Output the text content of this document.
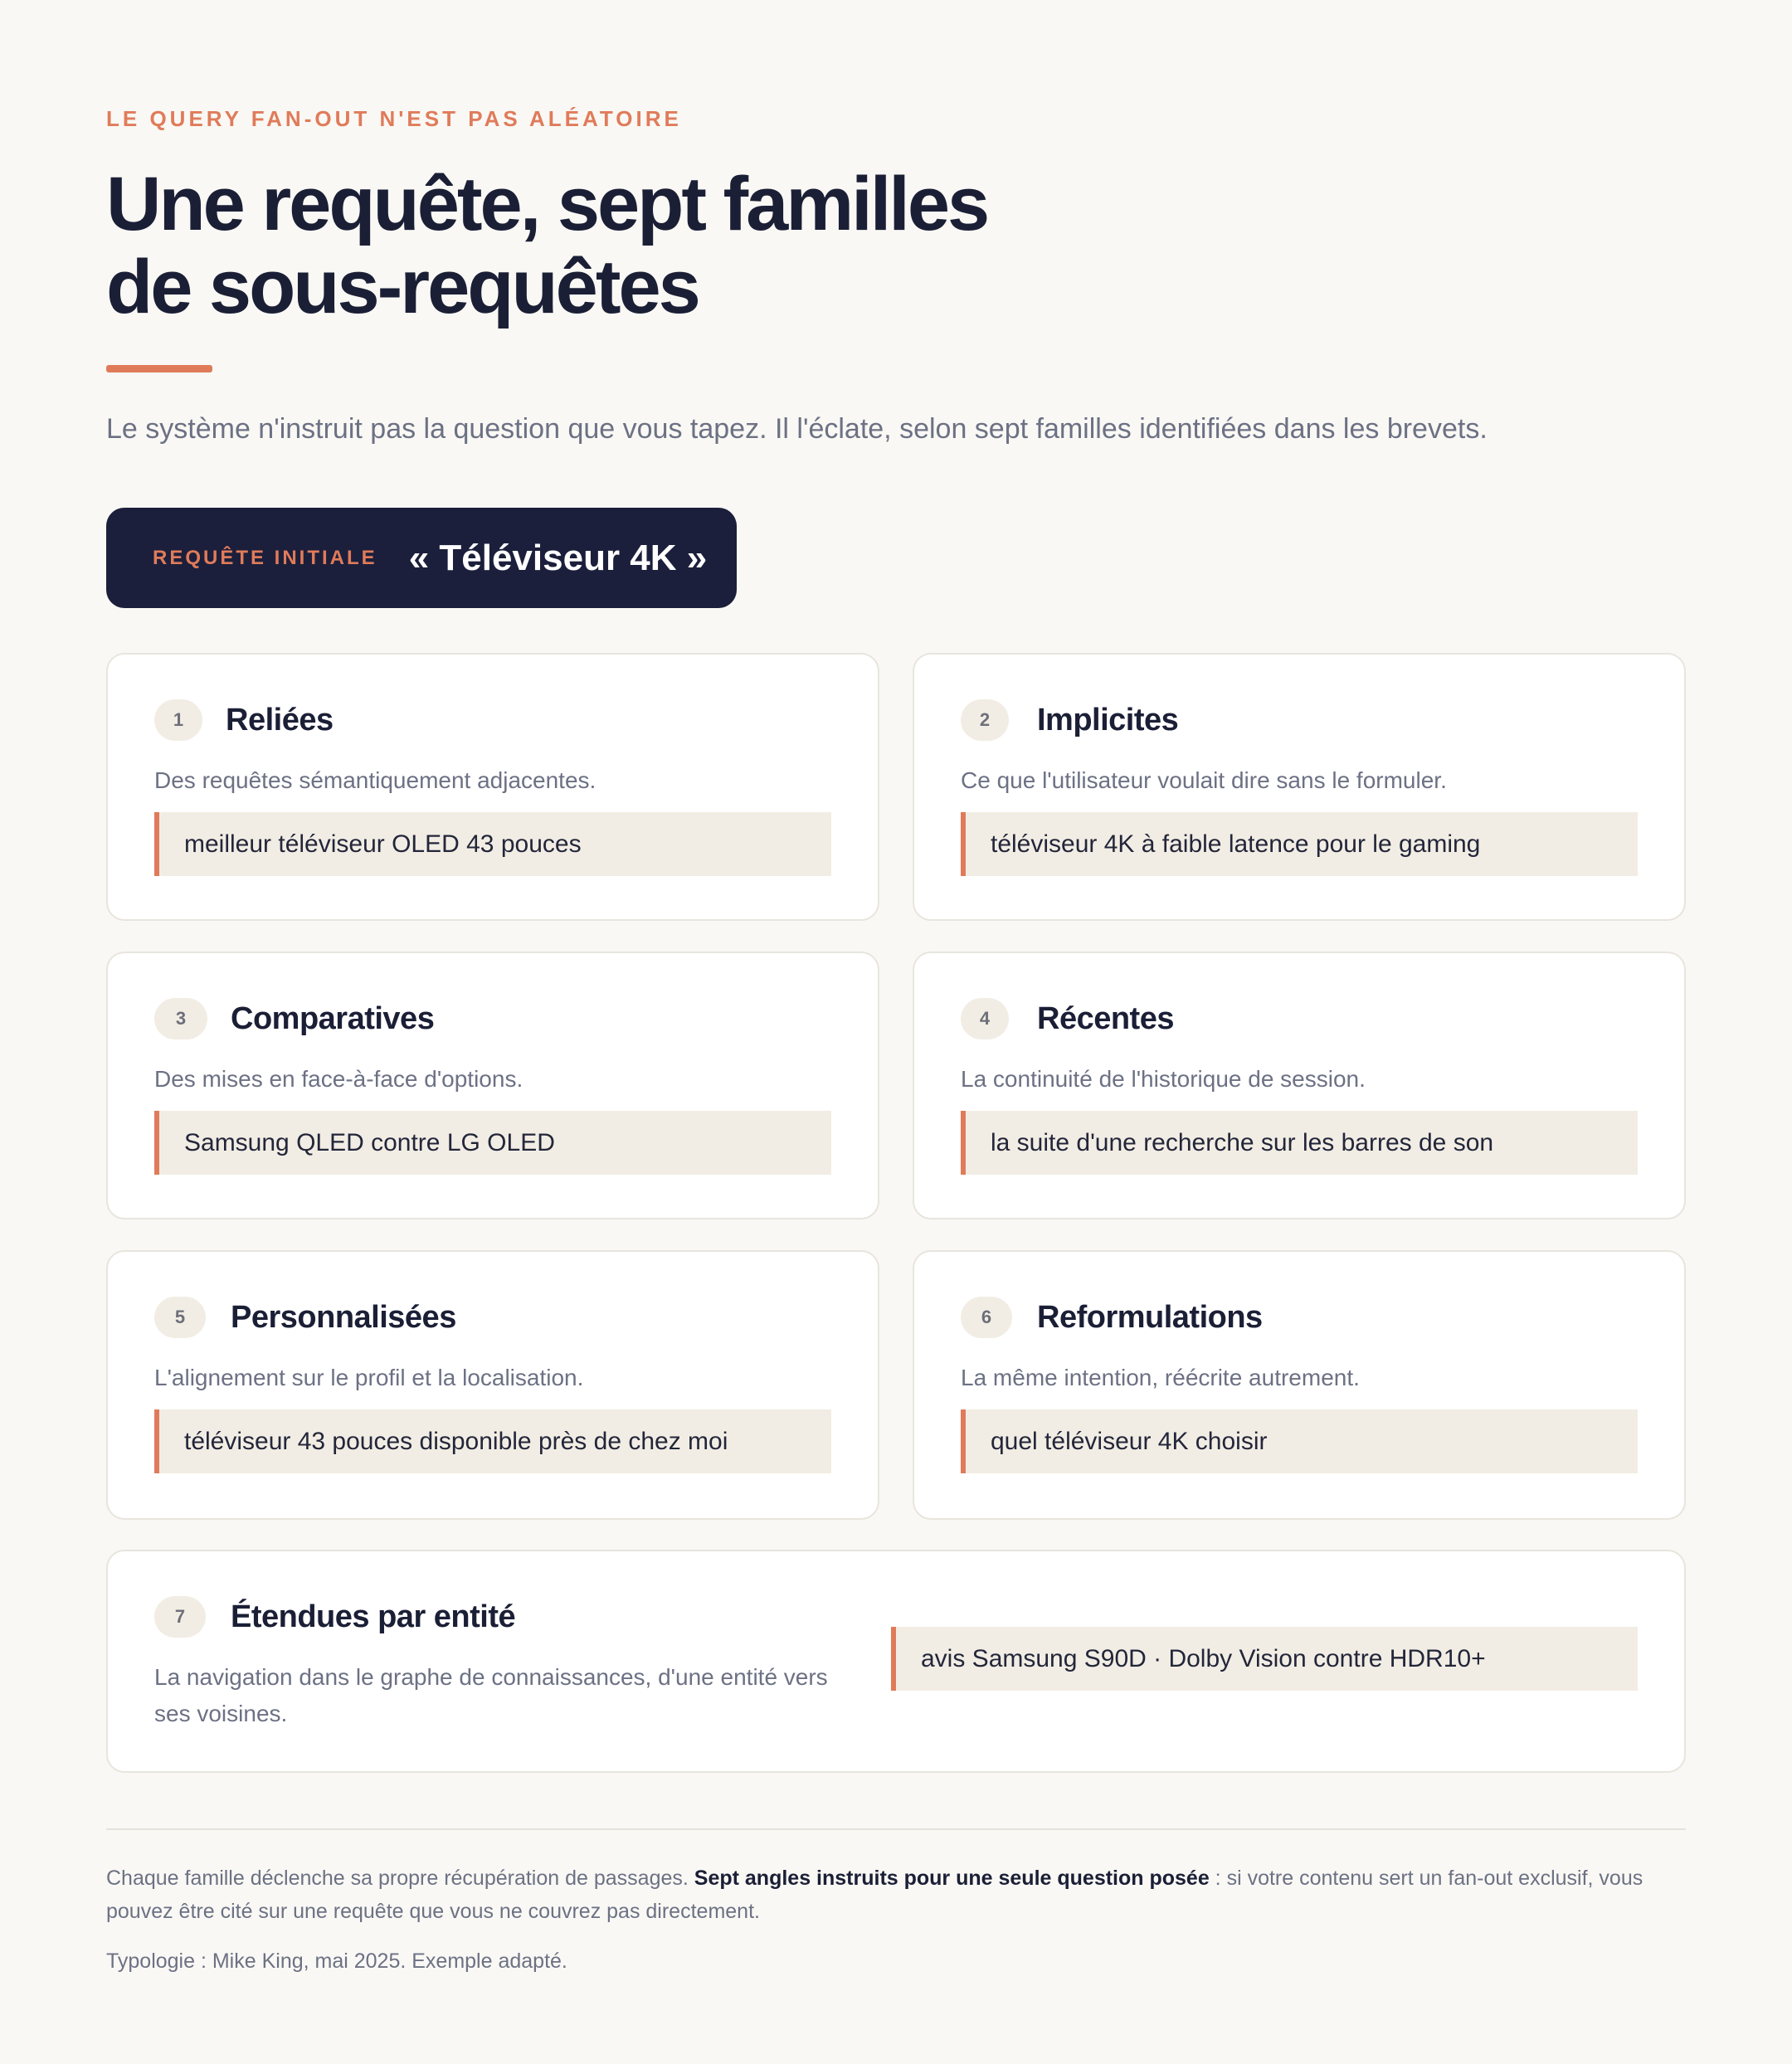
LE QUERY FAN-OUT N'EST PAS ALÉATOIRE
Une requête, sept familles
de sous-requêtes
Le système n'instruit pas la question que vous tapez. Il l'éclate, selon sept familles identifiées dans les brevets.
REQUÊTE INITIALE « Téléviseur 4K »
1	Reliées
Des requêtes sémantiquement adjacentes.
meilleur téléviseur OLED 43 pouces
2	Implicites
Ce que l'utilisateur voulait dire sans le formuler.
téléviseur 4K à faible latence pour le gaming
3	Comparatives
Des mises en face-à-face d'options.
Samsung QLED contre LG OLED
4	Récentes
La continuité de l'historique de session.
la suite d'une recherche sur les barres de son
5	Personnalisées
L'alignement sur le profil et la localisation.
téléviseur 43 pouces disponible près de chez moi
6	Reformulations
La même intention, réécrite autrement.
quel téléviseur 4K choisir
7	Étendues par entité
La navigation dans le graphe de connaissances, d'une entité vers ses voisines.
avis Samsung S90D · Dolby Vision contre HDR10+
Chaque famille déclenche sa propre récupération de passages. Sept angles instruits pour une seule question posée : si votre contenu sert un fan-out exclusif, vous pouvez être cité sur une requête que vous ne couvrez pas directement.
Typologie : Mike King, mai 2025. Exemple adapté.
